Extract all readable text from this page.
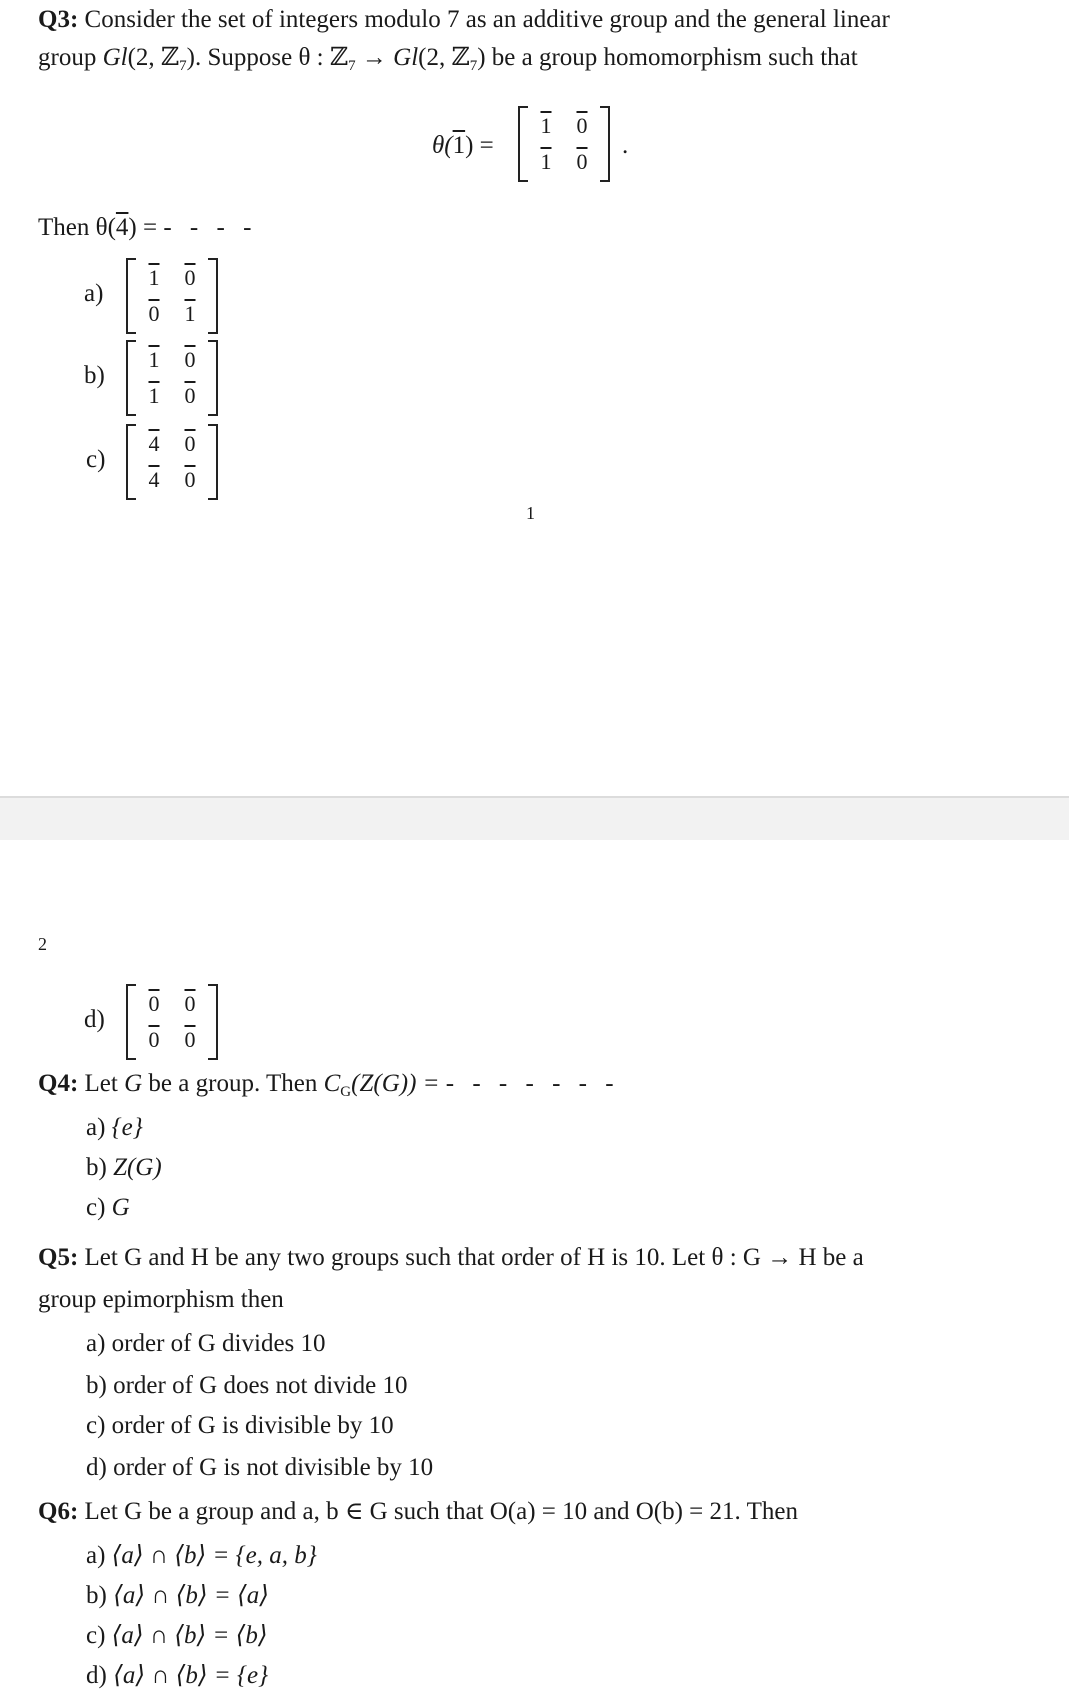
Q3: Consider the set of integers modulo 7 as an additive group and the general linear
group Gl(2, ℤ$_7$). Suppose θ : ℤ$_7$ → Gl(2, ℤ$_7$) be a group homomorphism such that
θ(1) =
1	0
1	0
.
Then θ(4) = - - - -
a)
1	0
0	1
b)
1	0
1	0
c)
4	0
4	0
1
2
d)
0	0
0	0
Q4: Let G be a group. Then $C_G(Z(G))$ = - - - - - - -
a) {e}
b) Z(G)
c) G
Q5: Let G and H be any two groups such that order of H is 10. Let θ : G → H be a
group epimorphism then
a) order of G divides 10
b) order of G does not divide 10
c) order of G is divisible by 10
d) order of G is not divisible by 10
Q6: Let G be a group and a, b ∈ G such that O(a) = 10 and O(b) = 21. Then
a) ⟨a⟩ ∩ ⟨b⟩ = {e, a, b}
b) ⟨a⟩ ∩ ⟨b⟩ = ⟨a⟩
c) ⟨a⟩ ∩ ⟨b⟩ = ⟨b⟩
d) ⟨a⟩ ∩ ⟨b⟩ = {e}
